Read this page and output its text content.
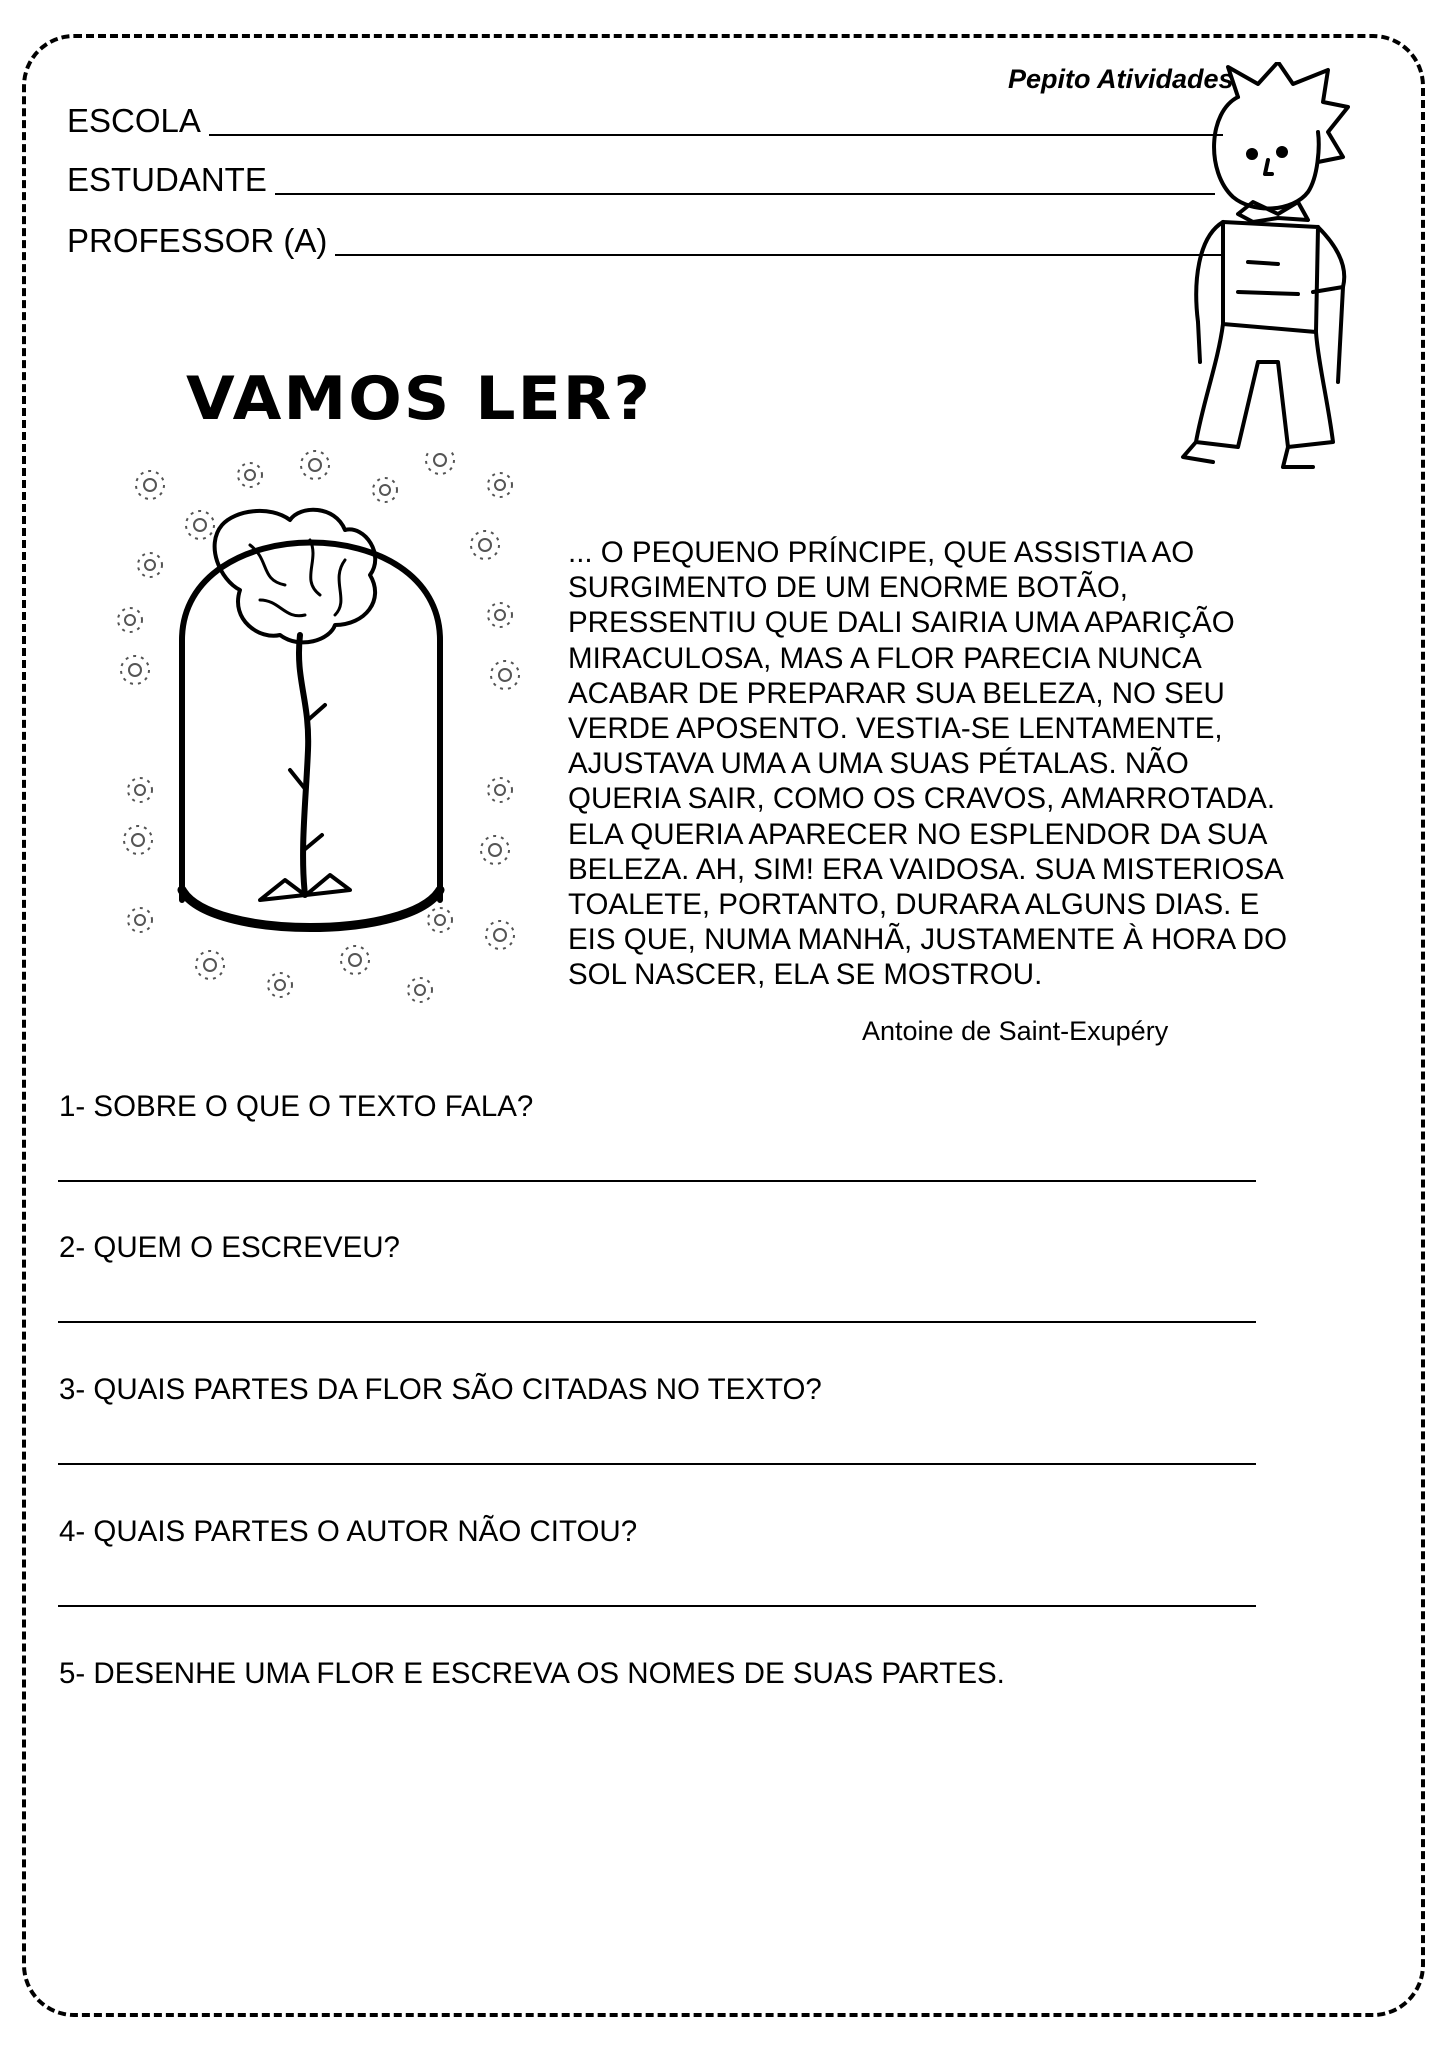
Pepito Atividades
ESCOLA
ESTUDANTE
PROFESSOR (A)
VAMOS LER?
... O PEQUENO PRÍNCIPE, QUE ASSISTIA AO
SURGIMENTO DE UM ENORME BOTÃO,
PRESSENTIU QUE DALI SAIRIA UMA APARIÇÃO
MIRACULOSA, MAS A FLOR PARECIA NUNCA
ACABAR DE PREPARAR SUA BELEZA, NO SEU
VERDE APOSENTO. VESTIA-SE LENTAMENTE,
AJUSTAVA UMA A UMA SUAS PÉTALAS. NÃO
QUERIA SAIR, COMO OS CRAVOS, AMARROTADA.
ELA QUERIA APARECER NO ESPLENDOR DA SUA
BELEZA. AH, SIM! ERA VAIDOSA. SUA MISTERIOSA
TOALETE, PORTANTO, DURARA ALGUNS DIAS. E
EIS QUE, NUMA MANHÃ, JUSTAMENTE À HORA DO
SOL NASCER, ELA SE MOSTROU.
Antoine de Saint-Exupéry
1- SOBRE O QUE O TEXTO FALA?
2- QUEM O ESCREVEU?
3- QUAIS PARTES DA FLOR SÃO CITADAS NO TEXTO?
4- QUAIS PARTES O AUTOR NÃO CITOU?
5- DESENHE UMA FLOR E ESCREVA OS NOMES DE SUAS PARTES.
